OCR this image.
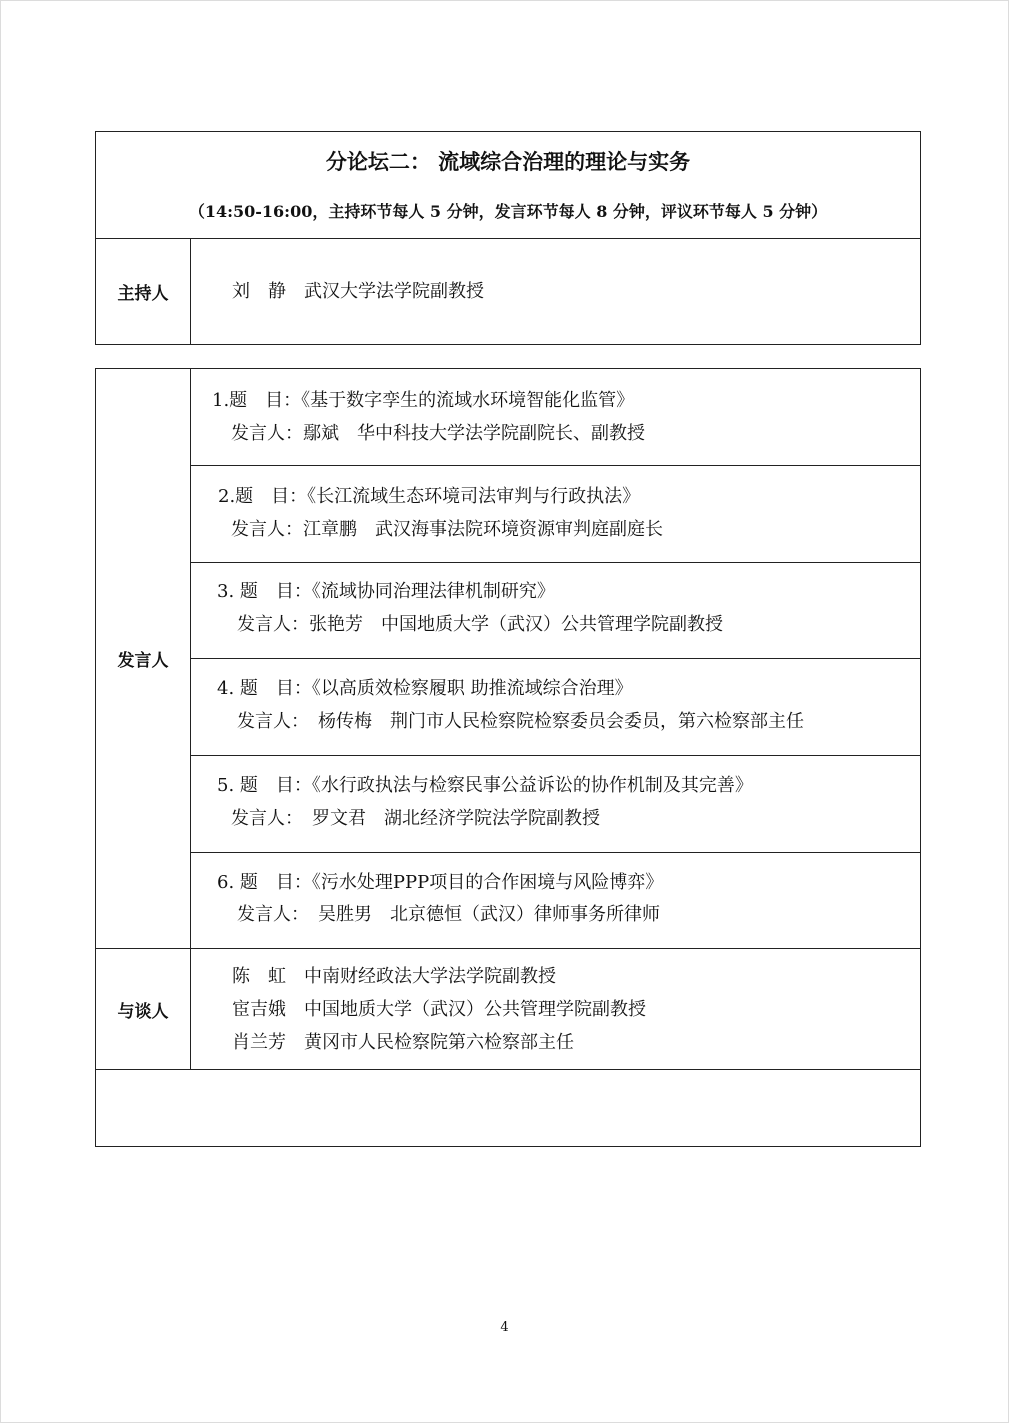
分论坛二： 流域综合治理的理论与实务
（14:50-16:00，主持环节每人 5 分钟，发言环节每人 8 分钟，评议环节每人 5 分钟）
主持人	刘　静　武汉大学法学院副教授
发言人
1.题　目：《基于数字孪生的流域水环境智能化监管》
发言人：鄢斌　华中科技大学法学院副院长、副教授
2.题　目：《长江流域生态环境司法审判与行政执法》
发言人：江章鹏　武汉海事法院环境资源审判庭副庭长
3. 题　目：《流域协同治理法律机制研究》
发言人：张艳芳　中国地质大学（武汉）公共管理学院副教授
4. 题　目：《以高质效检察履职 助推流域综合治理》
发言人：　杨传梅　荆门市人民检察院检察委员会委员，第六检察部主任
5. 题　目：《水行政执法与检察民事公益诉讼的协作机制及其完善》
发言人：　罗文君　湖北经济学院法学院副教授
6. 题　目：《污水处理PPP项目的合作困境与风险博弈》
发言人：　吴胜男　北京德恒（武汉）律师事务所律师
与谈人
陈　虹　中南财经政法大学法学院副教授
宦吉娥　中国地质大学（武汉）公共管理学院副教授
肖兰芳　黄冈市人民检察院第六检察部主任
4
